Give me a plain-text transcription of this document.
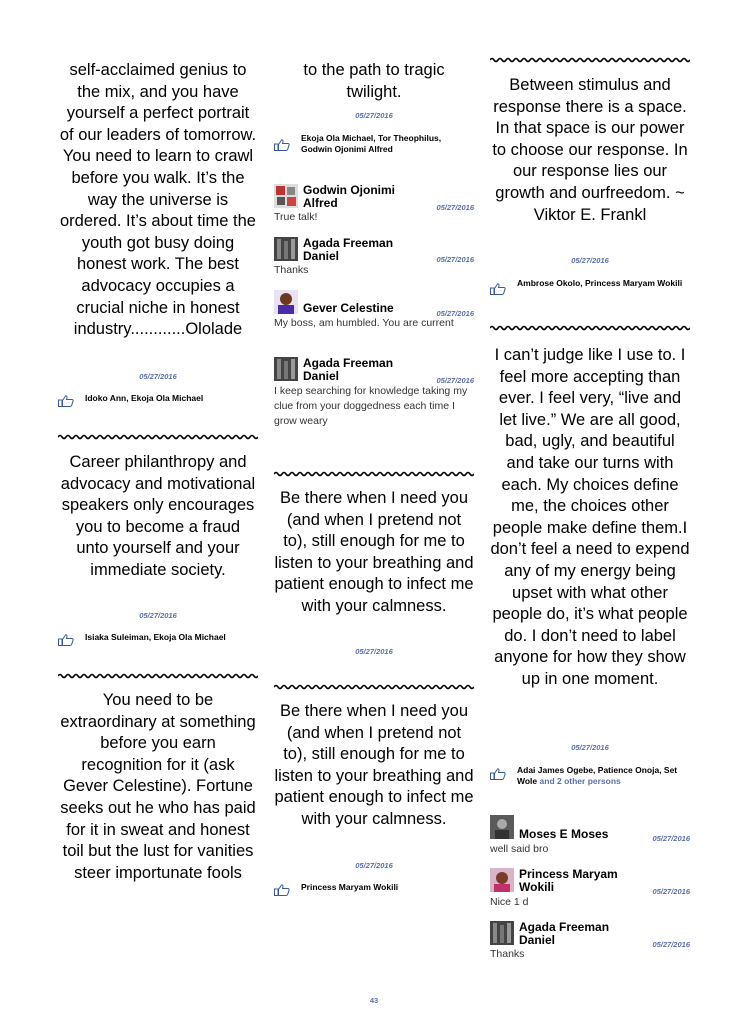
self-acclaimed genius to the mix, and you have yourself a perfect portrait of our leaders of tomorrow. You need to learn to crawl before you walk. It’s the way the universe is ordered. It’s about time the youth got busy doing honest work. The best advocacy occupies a crucial niche in honest industry............Ololade
05/27/2016
Idoko Ann, Ekoja Ola Michael
Career philanthropy and advocacy and motivational speakers only encourages you to become a fraud unto yourself and your immediate society.
05/27/2016
Isiaka Suleiman, Ekoja Ola Michael
You need to be extraordinary at something before you earn recognition for it (ask Gever Celestine). Fortune seeks out he who has paid for it in sweat and honest toil but the lust for vanities steer importunate fools
to the path to tragic twilight.
05/27/2016
Ekoja Ola Michael, Tor Theophilus, Godwin Ojonimi Alfred
Godwin Ojonimi Alfred	05/27/2016
True talk!
Agada Freeman Daniel	05/27/2016
Thanks
Gever Celestine	05/27/2016
My boss, am humbled. You are current
Agada Freeman Daniel	05/27/2016
I keep searching for knowledge taking my clue from your doggedness each time I grow weary
Be there when I need you (and when I pretend not to), still enough for me to listen to your breathing and patient enough to infect me with your calmness.
05/27/2016
Be there when I need you (and when I pretend not to), still enough for me to listen to your breathing and patient enough to infect me with your calmness.
05/27/2016
Princess Maryam Wokili
Between stimulus and response there is a space. In that space is our power to choose our response. In our response lies our growth and ourfreedom. ~ Viktor E. Frankl
05/27/2016
Ambrose Okolo, Princess Maryam Wokili
I can’t judge like I use to. I feel more accepting than ever. I feel very, “live and let live.” We are all good, bad, ugly, and beautiful and take our turns with each. My choices define me, the choices other people make define them.I don’t feel a need to expend any of my energy being upset with what other people do, it’s what people do. I don’t need to label anyone for how they show up in one moment.
05/27/2016
Adai James Ogebe, Patience Onoja, Set Wole and 2 other persons
Moses E Moses	05/27/2016
well said bro
Princess Maryam Wokili	05/27/2016
Nice 1 d
Agada Freeman Daniel	05/27/2016
Thanks
43
